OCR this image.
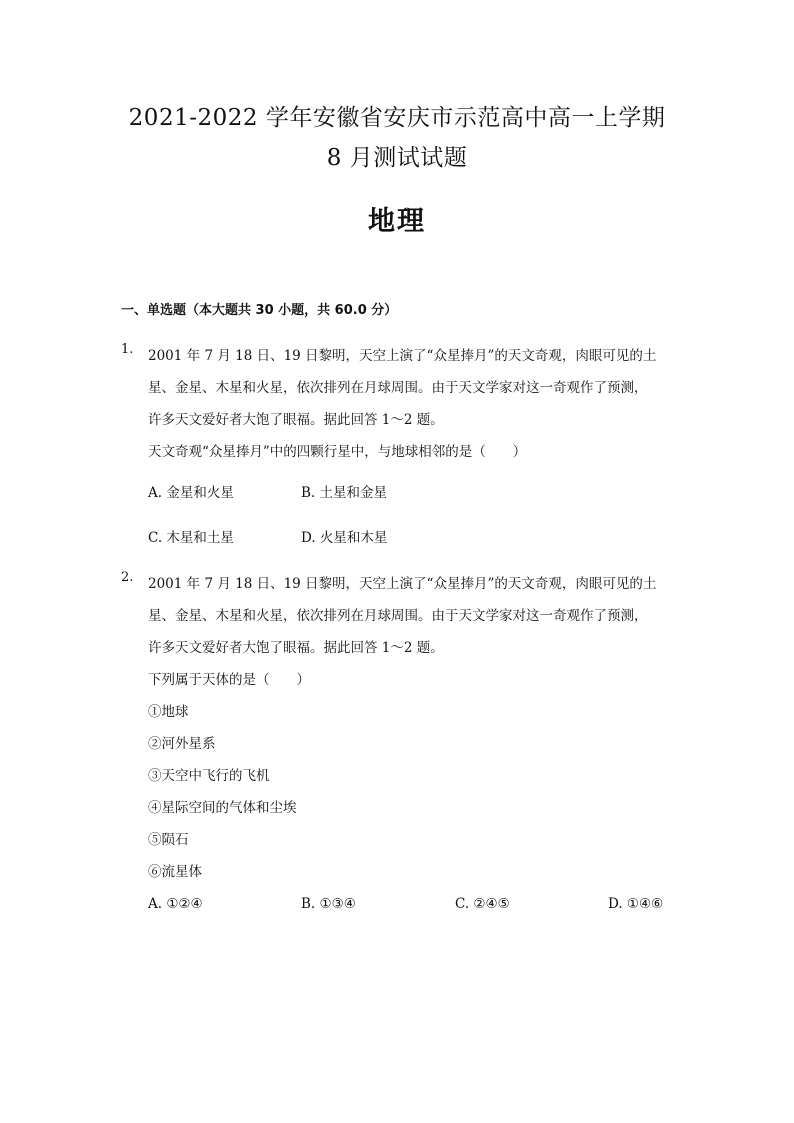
2021-2022 学年安徽省安庆市示范高中高一上学期
8 月测试试题
地理
一、单选题（本大题共 30 小题，共 60.0 分）
1. 2001 年 7 月 18 日、19 日黎明，天空上演了“众星捧月”的天文奇观，肉眼可见的土
星、金星、木星和火星，依次排列在月球周围。由于天文学家对这一奇观作了预测，
许多天文爱好者大饱了眼福。据此回答 1～2 题。
天文奇观“众星捧月”中的四颗行星中，与地球相邻的是（　　）
A. 金星和火星	B. 土星和金星
C. 木星和土星	D. 火星和木星
2. 2001 年 7 月 18 日、19 日黎明，天空上演了“众星捧月”的天文奇观，肉眼可见的土
星、金星、木星和火星，依次排列在月球周围。由于天文学家对这一奇观作了预测，
许多天文爱好者大饱了眼福。据此回答 1～2 题。
下列属于天体的是（　　）
①地球
②河外星系
③天空中飞行的飞机
④星际空间的气体和尘埃
⑤陨石
⑥流星体
A. ①②④	B. ①③④	C. ②④⑤	D. ①④⑥
